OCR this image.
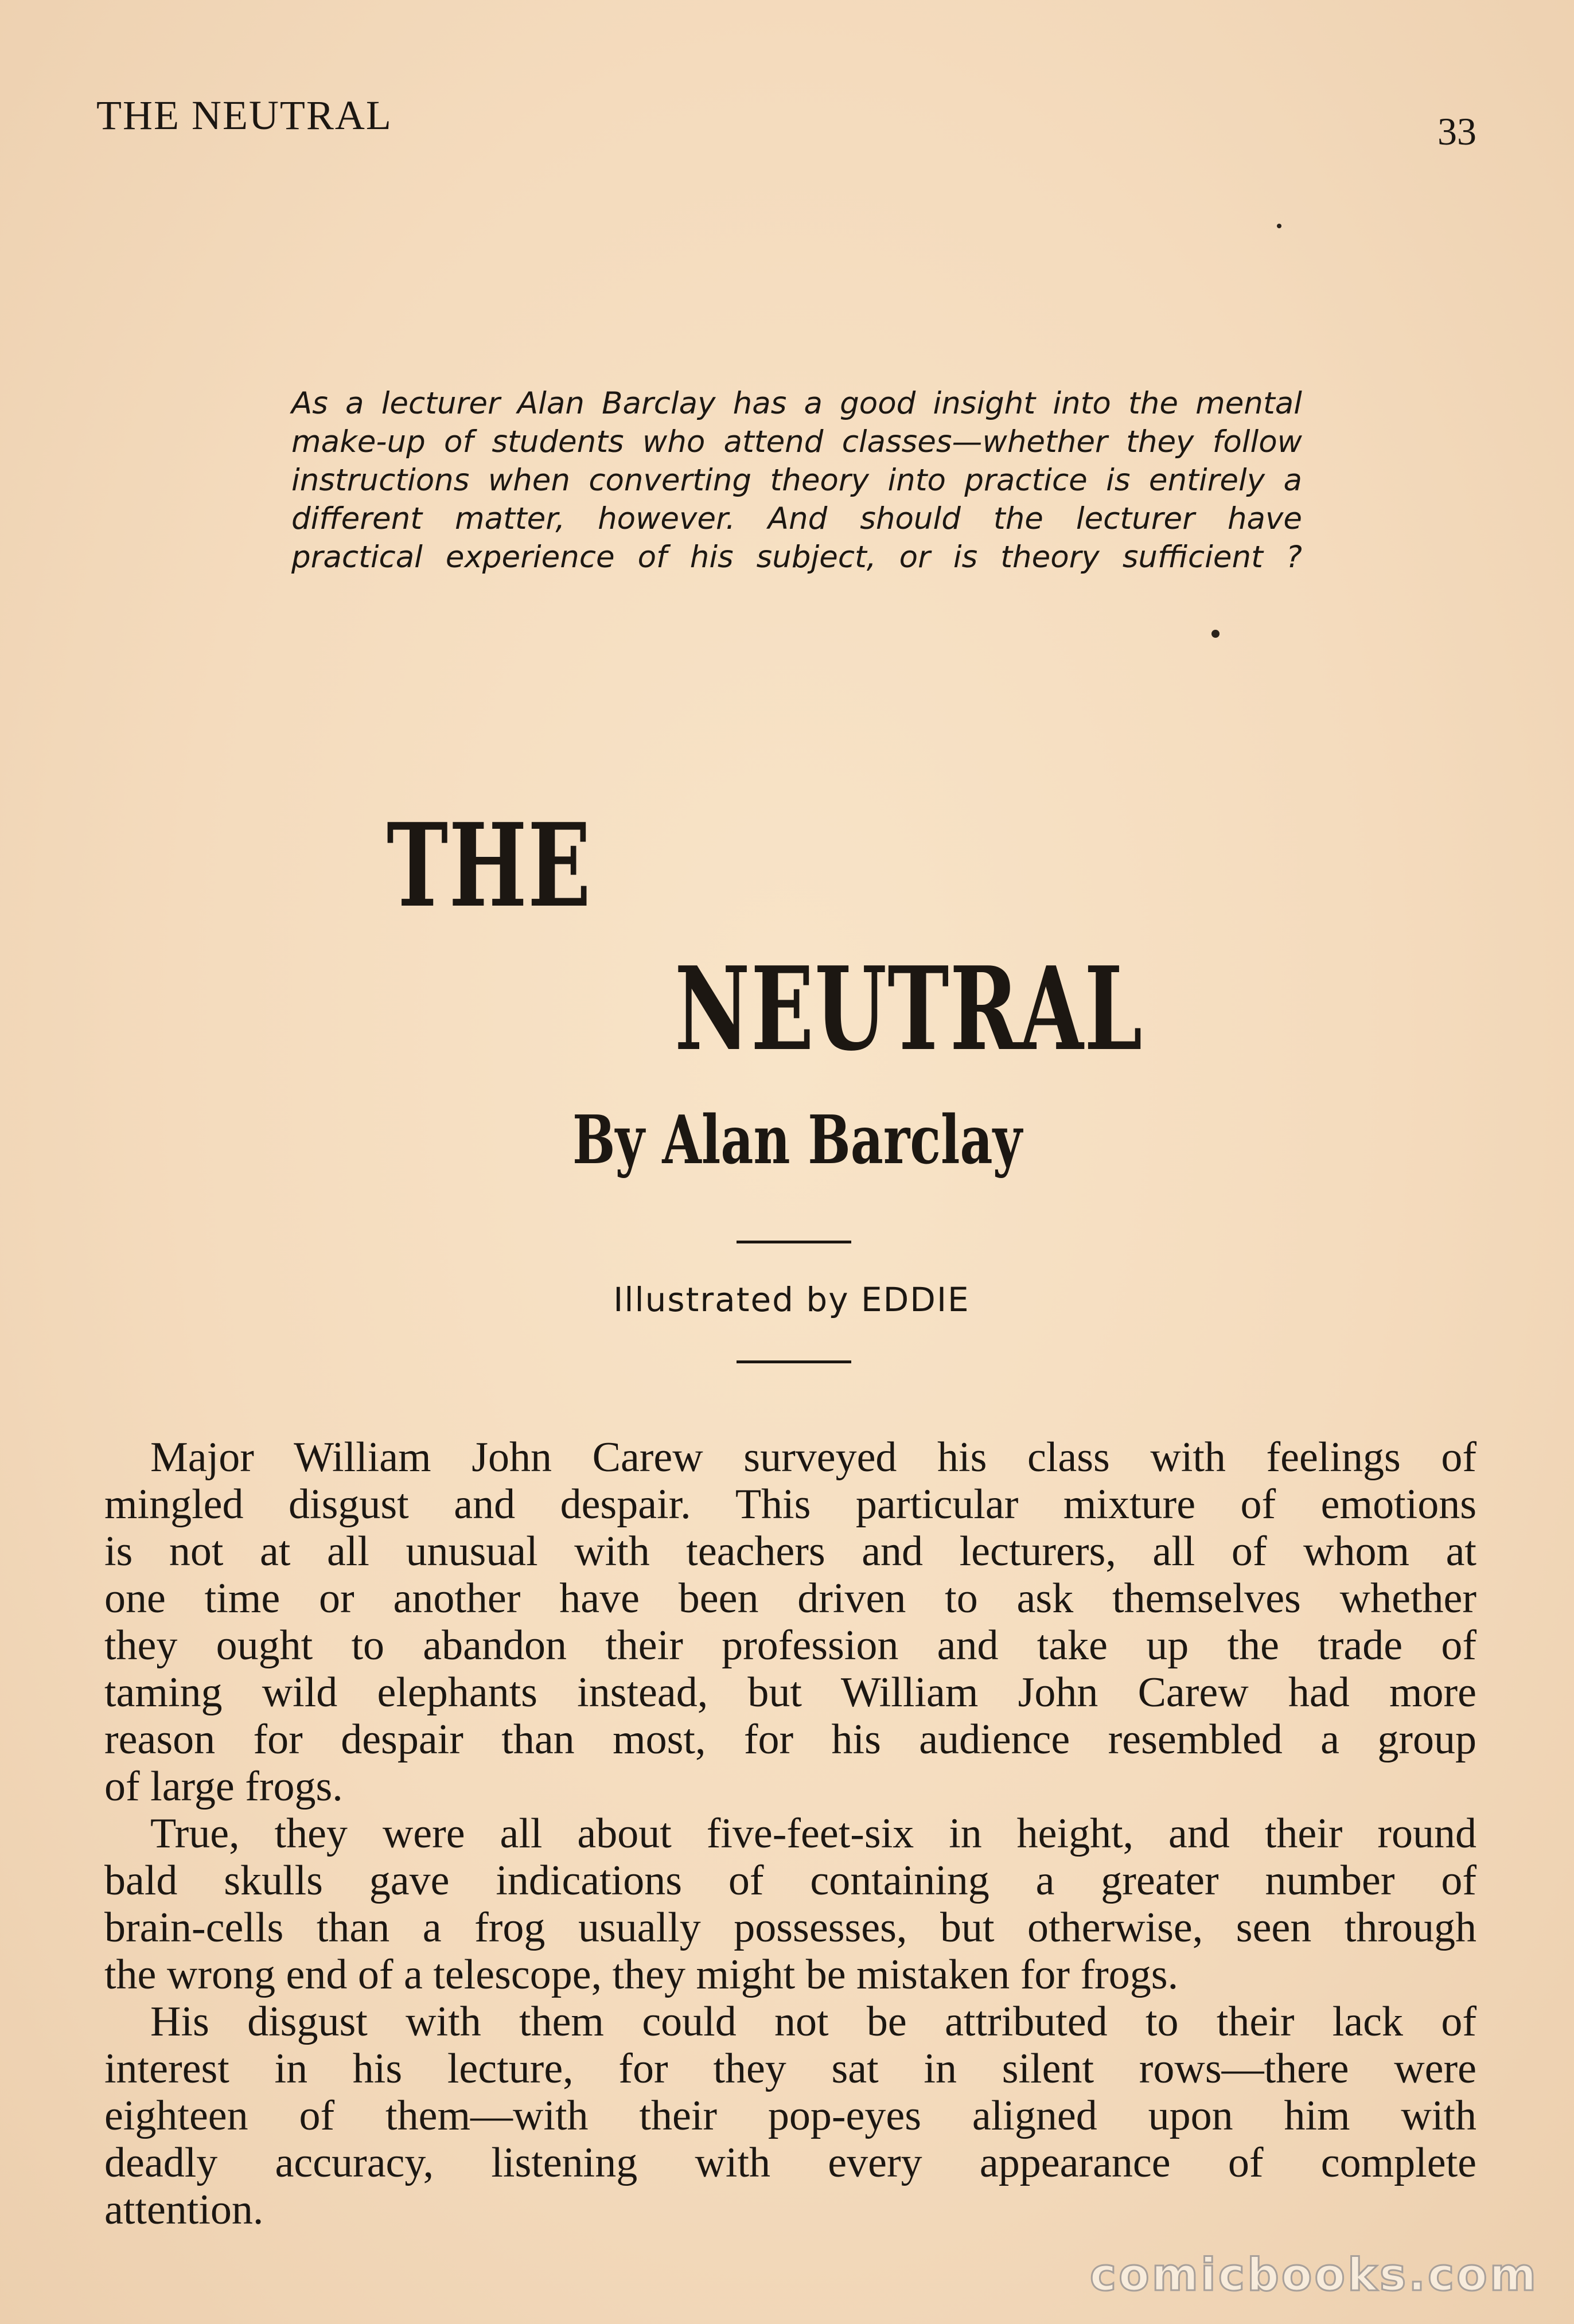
THE NEUTRAL	33
As a lecturer Alan Barclay has a good insight into the mental
make-up of students who attend classes—whether they follow
instructions when converting theory into practice is entirely a
different matter, however. And should the lecturer have
practical experience of his subject, or is theory sufficient ?
THE
NEUTRAL
By Alan Barclay
Illustrated by EDDIE
Major William John Carew surveyed his class with feelings of
mingled disgust and despair. This particular mixture of emotions
is not at all unusual with teachers and lecturers, all of whom at
one time or another have been driven to ask themselves whether
they ought to abandon their profession and take up the trade of
taming wild elephants instead, but William John Carew had more
reason for despair than most, for his audience resembled a group
of large frogs.
True, they were all about five-feet-six in height, and their round
bald skulls gave indications of containing a greater number of
brain-cells than a frog usually possesses, but otherwise, seen through
the wrong end of a telescope, they might be mistaken for frogs.
His disgust with them could not be attributed to their lack of
interest in his lecture, for they sat in silent rows—there were
eighteen of them—with their pop-eyes aligned upon him with
deadly accuracy, listening with every appearance of complete
attention.
comicbooks.com
